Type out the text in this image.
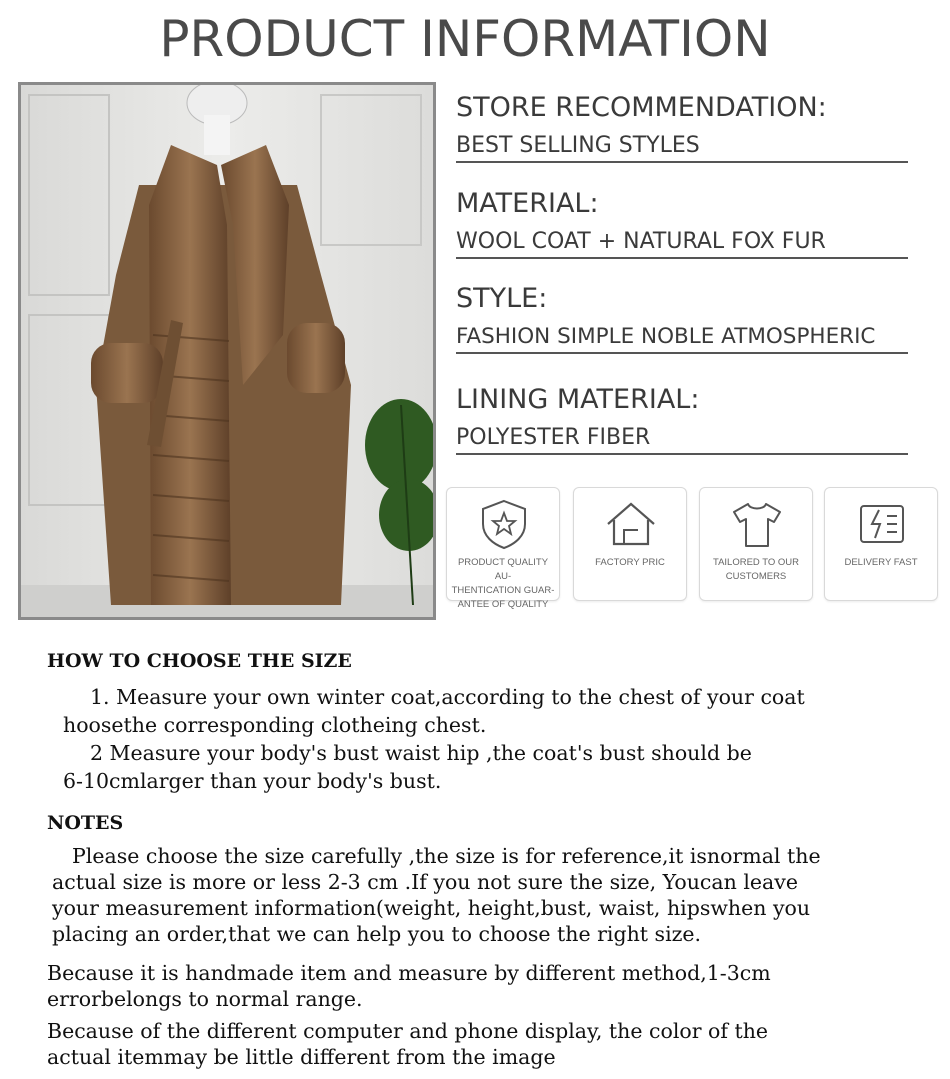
PRODUCT INFORMATION
STORE RECOMMENDATION:
BEST SELLING STYLES
MATERIAL:
WOOL COAT + NATURAL FOX FUR
STYLE:
FASHION SIMPLE NOBLE ATMOSPHERIC
LINING MATERIAL:
POLYESTER FIBER
PRODUCT QUALITY AU-
THENTICATION GUAR-
ANTEE OF QUALITY
FACTORY PRIC	TAILORED TO OUR
CUSTOMERS
DELIVERY FAST
HOW TO CHOOSE THE SIZE
1. Measure your own winter coat,according to the chest of your coat
hoosethe corresponding clotheing chest.
2 Measure your body's bust waist hip ,the coat's bust should be
6-10cmlarger than your body's bust.
NOTES
Please choose the size carefully ,the size is for reference,it isnormal the
actual size is more or less 2-3 cm .If you not sure the size, Youcan leave
your measurement information(weight, height,bust, waist, hipswhen you
placing an order,that we can help you to choose the right size.
Because it is handmade item and measure by different method,1-3cm
errorbelongs to normal range.
Because of the different computer and phone display, the color of the
actual itemmay be little different from the image
